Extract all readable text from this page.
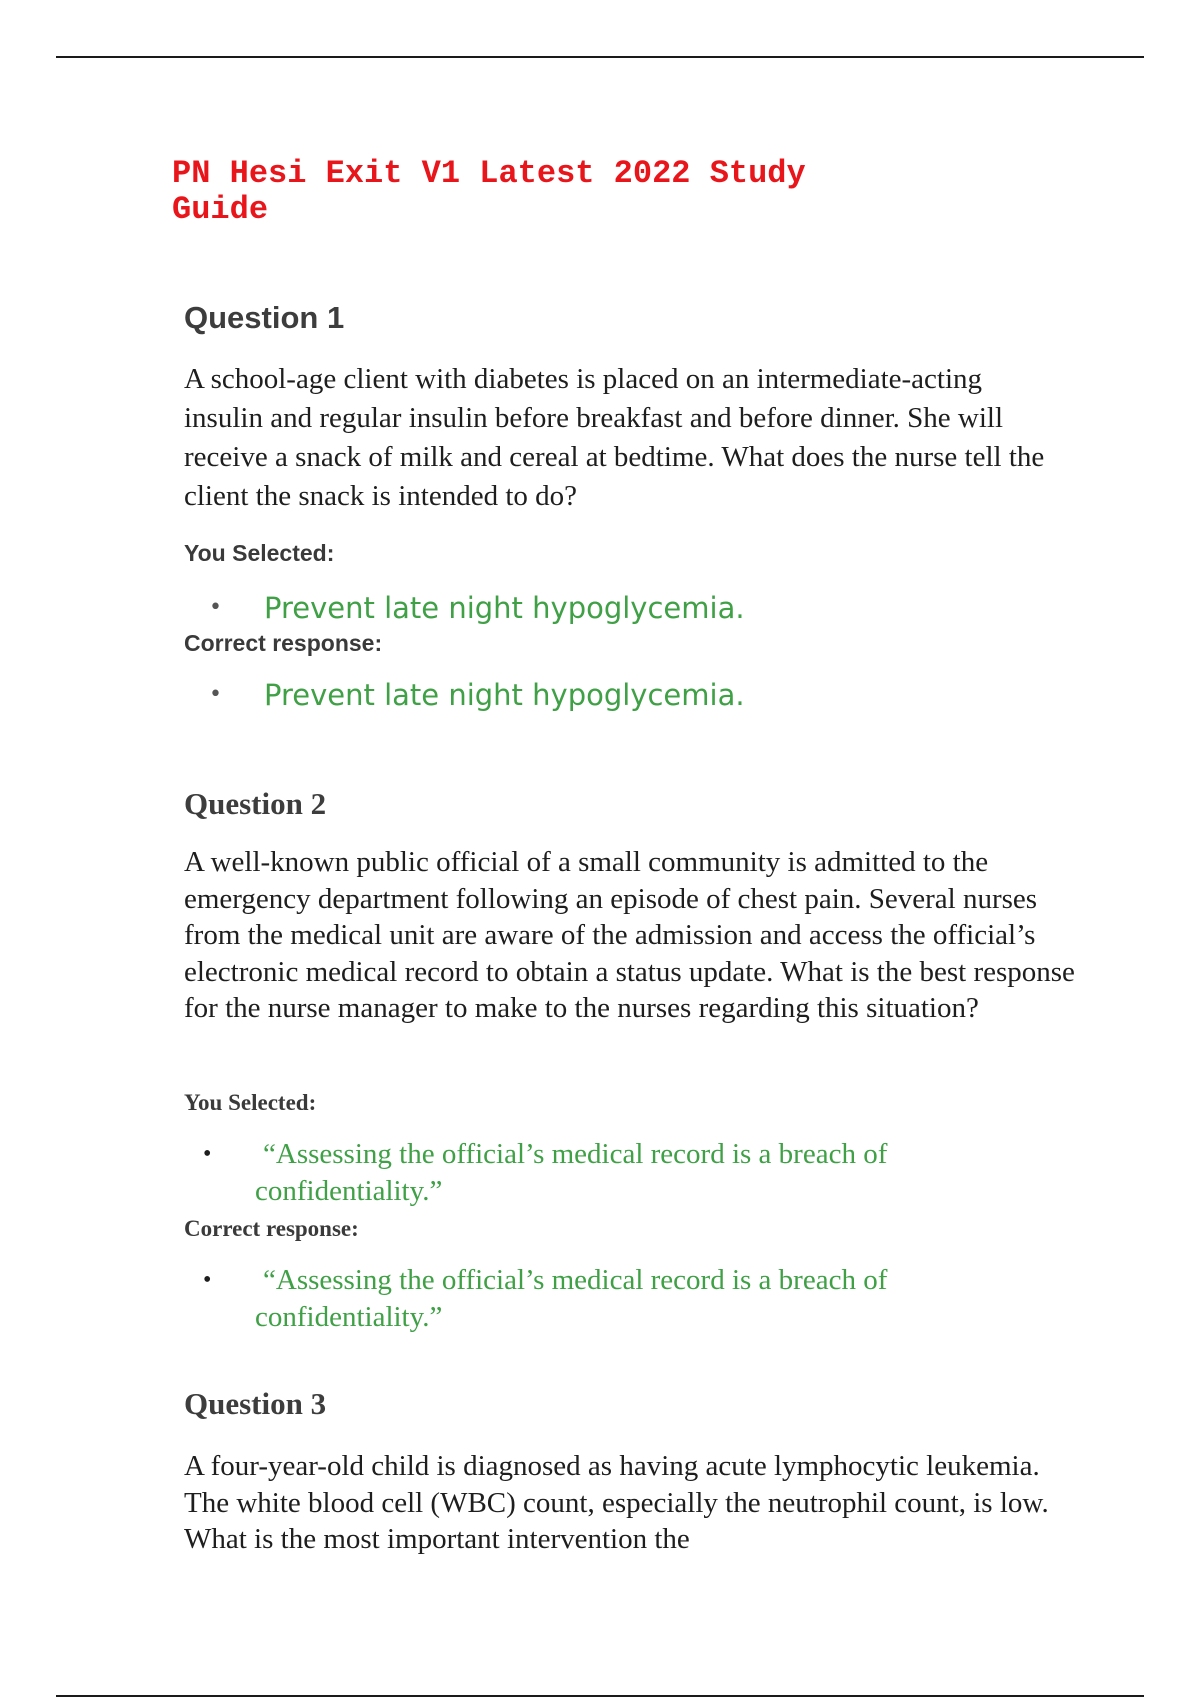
PN Hesi Exit V1 Latest 2022 Study Guide
Question 1

A school-age client with diabetes is placed on an intermediate-acting insulin and regular insulin before breakfast and before dinner. She will receive a snack of milk and cereal at bedtime. What does the nurse tell the client the snack is intended to do?

You Selected:

• Prevent late night hypoglycemia.

Correct response:

• Prevent late night hypoglycemia.
Question 2

A well-known public official of a small community is admitted to the emergency department following an episode of chest pain. Several nurses from the medical unit are aware of the admission and access the official’s electronic medical record to obtain a status update. What is the best response for the nurse manager to make to the nurses regarding this situation?

You Selected:

• “Assessing the official’s medical record is a breach of confidentiality.”

Correct response:

• “Assessing the official’s medical record is a breach of confidentiality.”
Question 3

A four-year-old child is diagnosed as having acute lymphocytic leukemia. The white blood cell (WBC) count, especially the neutrophil count, is low. What is the most important intervention the
